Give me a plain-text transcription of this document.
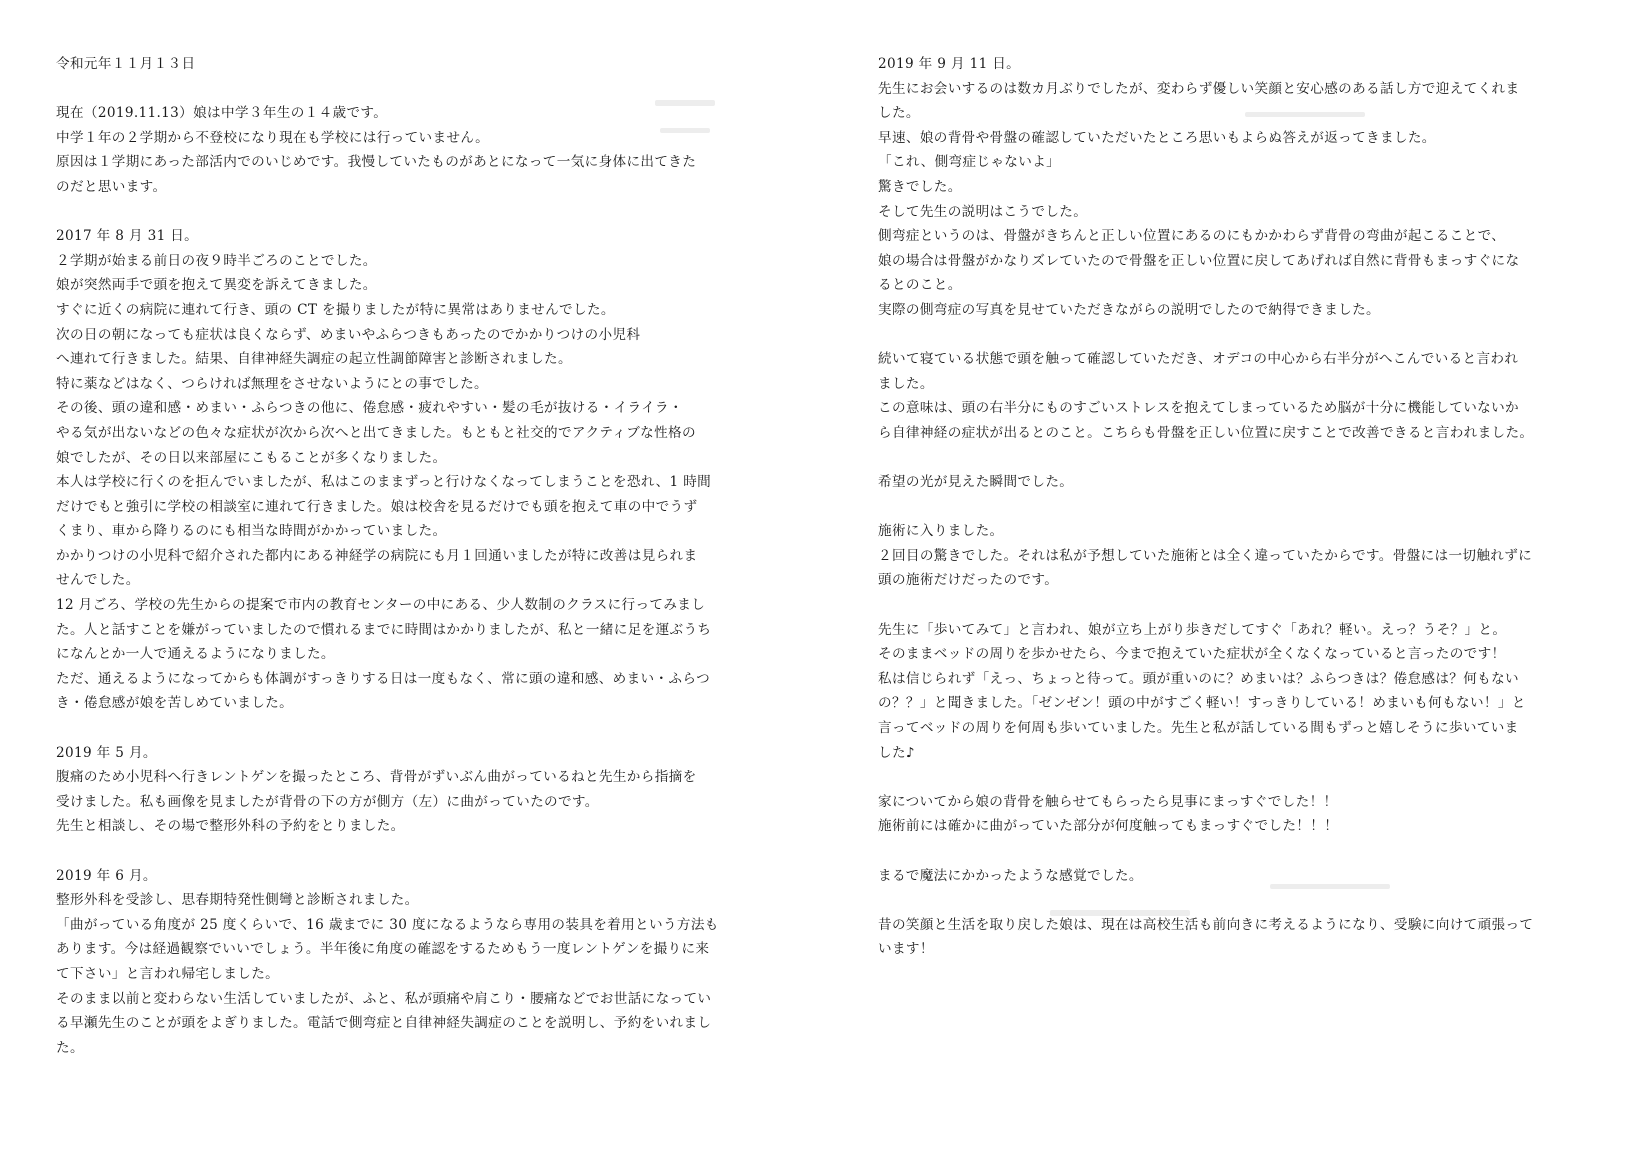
令和元年１１月１３日
現在（2019.11.13）娘は中学３年生の１４歳です。
中学１年の２学期から不登校になり現在も学校には行っていません。
原因は１学期にあった部活内でのいじめです。我慢していたものがあとになって一気に身体に出てきた
のだと思います。
2017 年 8 月 31 日。
２学期が始まる前日の夜９時半ごろのことでした。
娘が突然両手で頭を抱えて異変を訴えてきました。
すぐに近くの病院に連れて行き、頭の CT を撮りましたが特に異常はありませんでした。
次の日の朝になっても症状は良くならず、めまいやふらつきもあったのでかかりつけの小児科
へ連れて行きました。結果、自律神経失調症の起立性調節障害と診断されました。
特に薬などはなく、つらければ無理をさせないようにとの事でした。
その後、頭の違和感・めまい・ふらつきの他に、倦怠感・疲れやすい・髪の毛が抜ける・イライラ・
やる気が出ないなどの色々な症状が次から次へと出てきました。もともと社交的でアクティブな性格の
娘でしたが、その日以来部屋にこもることが多くなりました。
本人は学校に行くのを拒んでいましたが、私はこのままずっと行けなくなってしまうことを恐れ、1 時間
だけでもと強引に学校の相談室に連れて行きました。娘は校舎を見るだけでも頭を抱えて車の中でうず
くまり、車から降りるのにも相当な時間がかかっていました。
かかりつけの小児科で紹介された都内にある神経学の病院にも月１回通いましたが特に改善は見られま
せんでした。
12 月ごろ、学校の先生からの提案で市内の教育センターの中にある、少人数制のクラスに行ってみまし
た。人と話すことを嫌がっていましたので慣れるまでに時間はかかりましたが、私と一緒に足を運ぶうち
になんとか一人で通えるようになりました。
ただ、通えるようになってからも体調がすっきりする日は一度もなく、常に頭の違和感、めまい・ふらつ
き・倦怠感が娘を苦しめていました。
2019 年 5 月。
腹痛のため小児科へ行きレントゲンを撮ったところ、背骨がずいぶん曲がっているねと先生から指摘を
受けました。私も画像を見ましたが背骨の下の方が側方（左）に曲がっていたのです。
先生と相談し、その場で整形外科の予約をとりました。
2019 年 6 月。
整形外科を受診し、思春期特発性側彎と診断されました。
「曲がっている角度が 25 度くらいで、16 歳までに 30 度になるようなら専用の装具を着用という方法も
あります。今は経過観察でいいでしょう。半年後に角度の確認をするためもう一度レントゲンを撮りに来
て下さい」と言われ帰宅しました。
そのまま以前と変わらない生活していましたが、ふと、私が頭痛や肩こり・腰痛などでお世話になってい
る早瀬先生のことが頭をよぎりました。電話で側弯症と自律神経失調症のことを説明し、予約をいれまし
た。
2019 年 9 月 11 日。
先生にお会いするのは数カ月ぶりでしたが、変わらず優しい笑顔と安心感のある話し方で迎えてくれま
した。
早速、娘の背骨や骨盤の確認していただいたところ思いもよらぬ答えが返ってきました。
「これ、側弯症じゃないよ」
驚きでした。
そして先生の説明はこうでした。
側弯症というのは、骨盤がきちんと正しい位置にあるのにもかかわらず背骨の弯曲が起こることで、
娘の場合は骨盤がかなりズレていたので骨盤を正しい位置に戻してあげれば自然に背骨もまっすぐにな
るとのこと。
実際の側弯症の写真を見せていただきながらの説明でしたので納得できました。
続いて寝ている状態で頭を触って確認していただき、オデコの中心から右半分がへこんでいると言われ
ました。
この意味は、頭の右半分にものすごいストレスを抱えてしまっているため脳が十分に機能していないか
ら自律神経の症状が出るとのこと。こちらも骨盤を正しい位置に戻すことで改善できると言われました。
希望の光が見えた瞬間でした。
施術に入りました。
２回目の驚きでした。それは私が予想していた施術とは全く違っていたからです。骨盤には一切触れずに
頭の施術だけだったのです。
先生に「歩いてみて」と言われ、娘が立ち上がり歩きだしてすぐ「あれ？軽い。えっ？うそ？」と。
そのままベッドの周りを歩かせたら、今まで抱えていた症状が全くなくなっていると言ったのです！
私は信じられず「えっ、ちょっと待って。頭が重いのに？めまいは？ふらつきは？倦怠感は？何もない
の？？」と聞きました。「ゼンゼン！頭の中がすごく軽い！すっきりしている！めまいも何もない！」と
言ってベッドの周りを何周も歩いていました。先生と私が話している間もずっと嬉しそうに歩いていま
した♪
家についてから娘の背骨を触らせてもらったら見事にまっすぐでした！！
施術前には確かに曲がっていた部分が何度触ってもまっすぐでした！！！
まるで魔法にかかったような感覚でした。
昔の笑顔と生活を取り戻した娘は、現在は高校生活も前向きに考えるようになり、受験に向けて頑張って
います！
